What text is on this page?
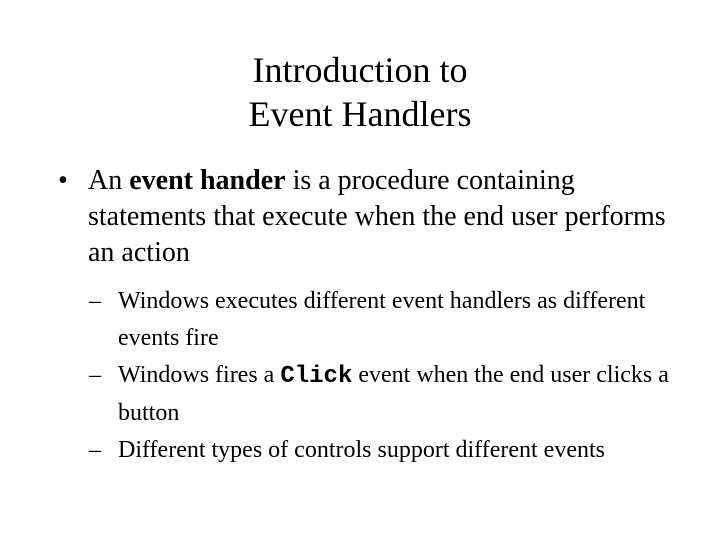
Introduction to
Event Handlers
• An event hander is a procedure containing statements that execute when the end user performs an action
– Windows executes different event handlers as different events fire
– Windows fires a Click event when the end user clicks a button
– Different types of controls support different events
